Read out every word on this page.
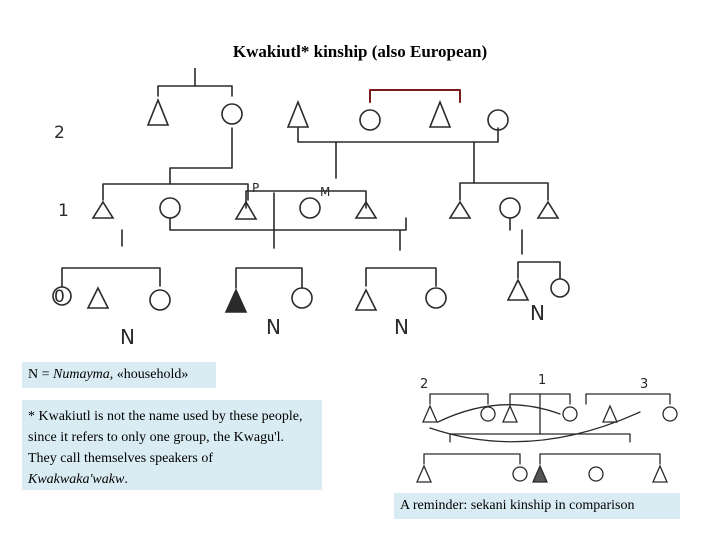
Kwakiutl* kinship (also European)
2
1
0
N	N	N
N
P	M
N = Numayma, «household»
* Kwakiutl is not the name used by these people, since it refers to only one group, the Kwagu'l. They call themselves speakers of Kwakwaka'wakw.
2	1	3
A reminder: sekani kinship in comparison
